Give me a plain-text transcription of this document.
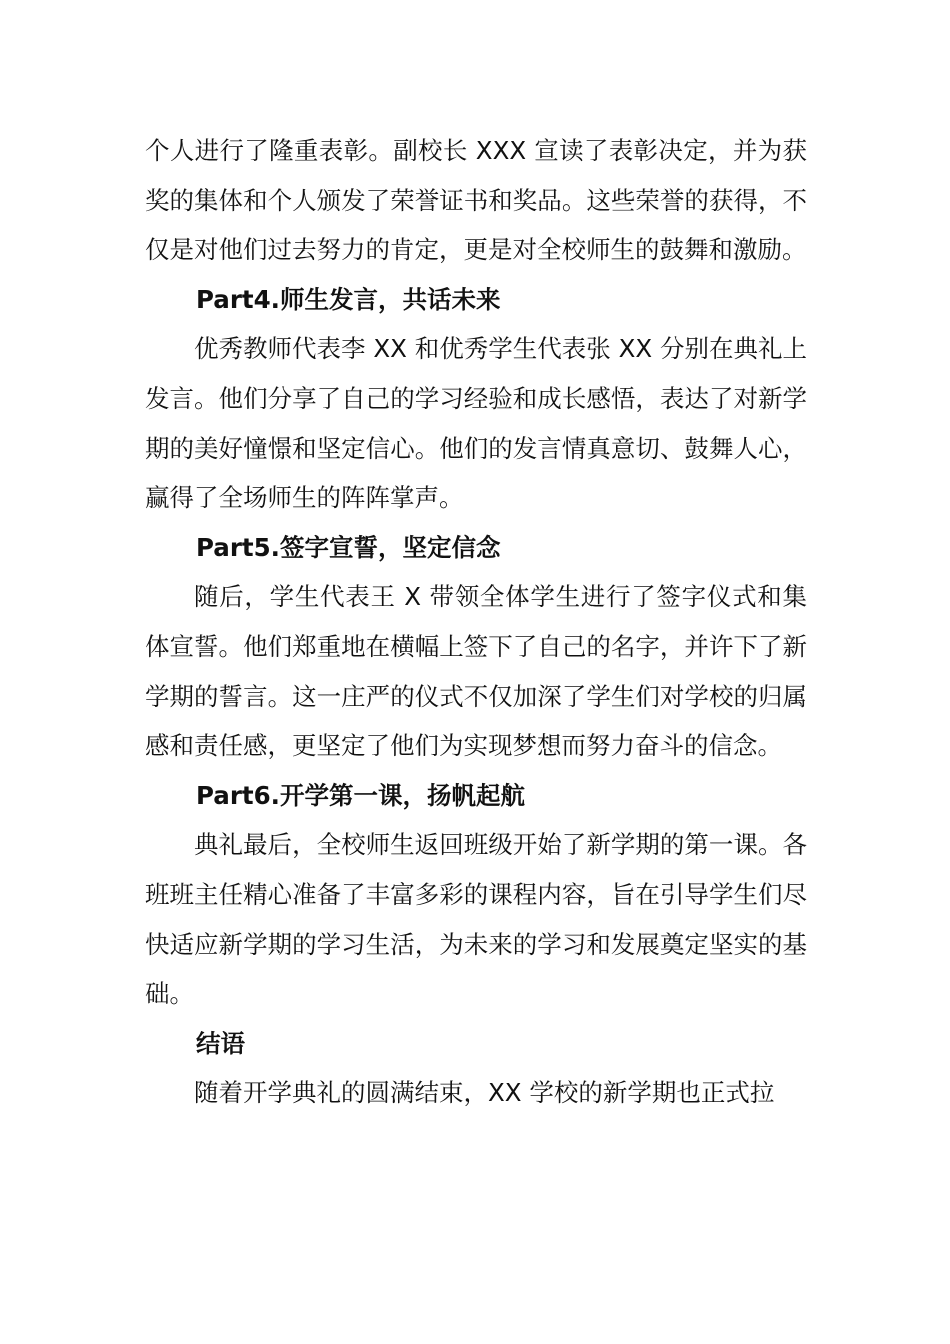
个人进行了隆重表彰。副校长 XXX 宣读了表彰决定，并为获奖的集体和个人颁发了荣誉证书和奖品。这些荣誉的获得，不仅是对他们过去努力的肯定，更是对全校师生的鼓舞和激励。

Part4.师生发言，共话未来

优秀教师代表李 XX 和优秀学生代表张 XX 分别在典礼上发言。他们分享了自己的学习经验和成长感悟，表达了对新学期的美好憧憬和坚定信心。他们的发言情真意切、鼓舞人心，赢得了全场师生的阵阵掌声。

Part5.签字宣誓，坚定信念

随后，学生代表王 X 带领全体学生进行了签字仪式和集体宣誓。他们郑重地在横幅上签下了自己的名字，并许下了新学期的誓言。这一庄严的仪式不仅加深了学生们对学校的归属感和责任感，更坚定了他们为实现梦想而努力奋斗的信念。

Part6.开学第一课，扬帆起航

典礼最后，全校师生返回班级开始了新学期的第一课。各班班主任精心准备了丰富多彩的课程内容，旨在引导学生们尽快适应新学期的学习生活，为未来的学习和发展奠定坚实的基础。

结语

随着开学典礼的圆满结束，XX 学校的新学期也正式拉
